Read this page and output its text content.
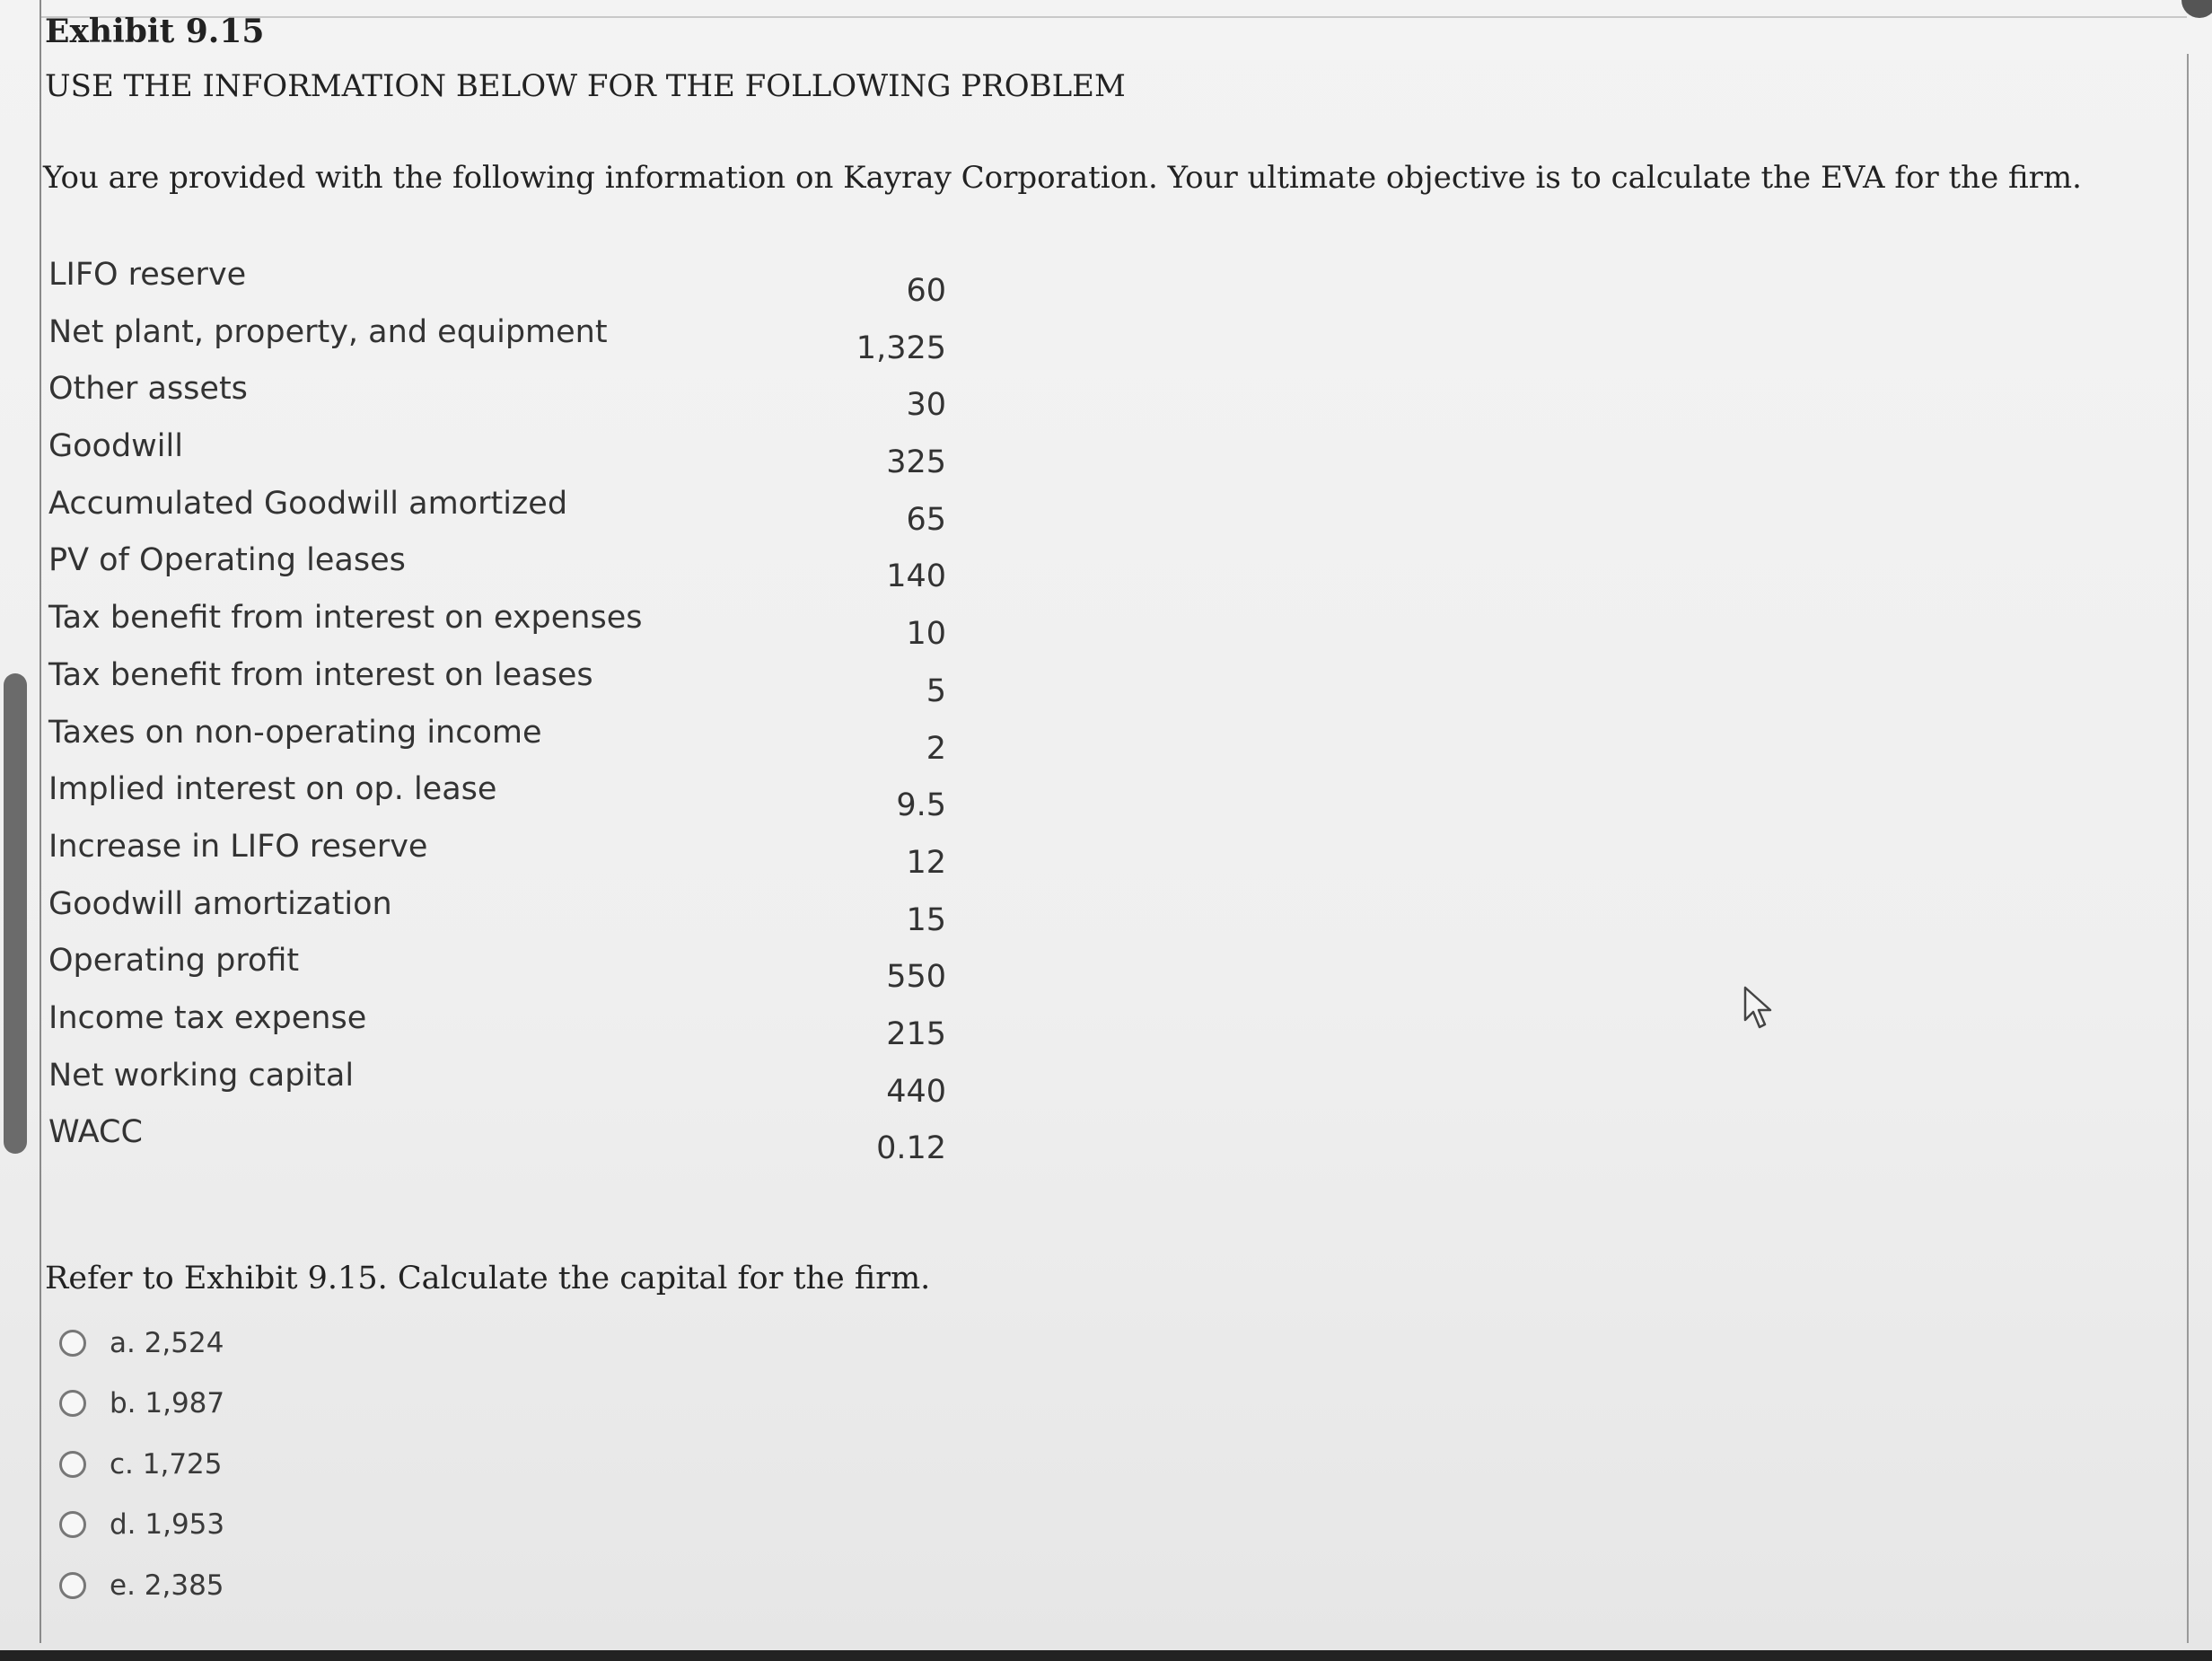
Exhibit 9.15
USE THE INFORMATION BELOW FOR THE FOLLOWING PROBLEM
You are provided with the following information on Kayray Corporation. Your ultimate objective is to calculate the EVA for the firm.
LIFO reserve	60
Net plant, property, and equipment	1,325
Other assets	30
Goodwill	325
Accumulated Goodwill amortized	65
PV of Operating leases	140
Tax benefit from interest on expenses	10
Tax benefit from interest on leases	5
Taxes on non-operating income	2
Implied interest on op. lease	9.5
Increase in LIFO reserve	12
Goodwill amortization	15
Operating profit	550
Income tax expense	215
Net working capital	440
WACC	0.12
Refer to Exhibit 9.15. Calculate the capital for the firm.
a. 2,524
b. 1,987
c. 1,725
d. 1,953
e. 2,385
